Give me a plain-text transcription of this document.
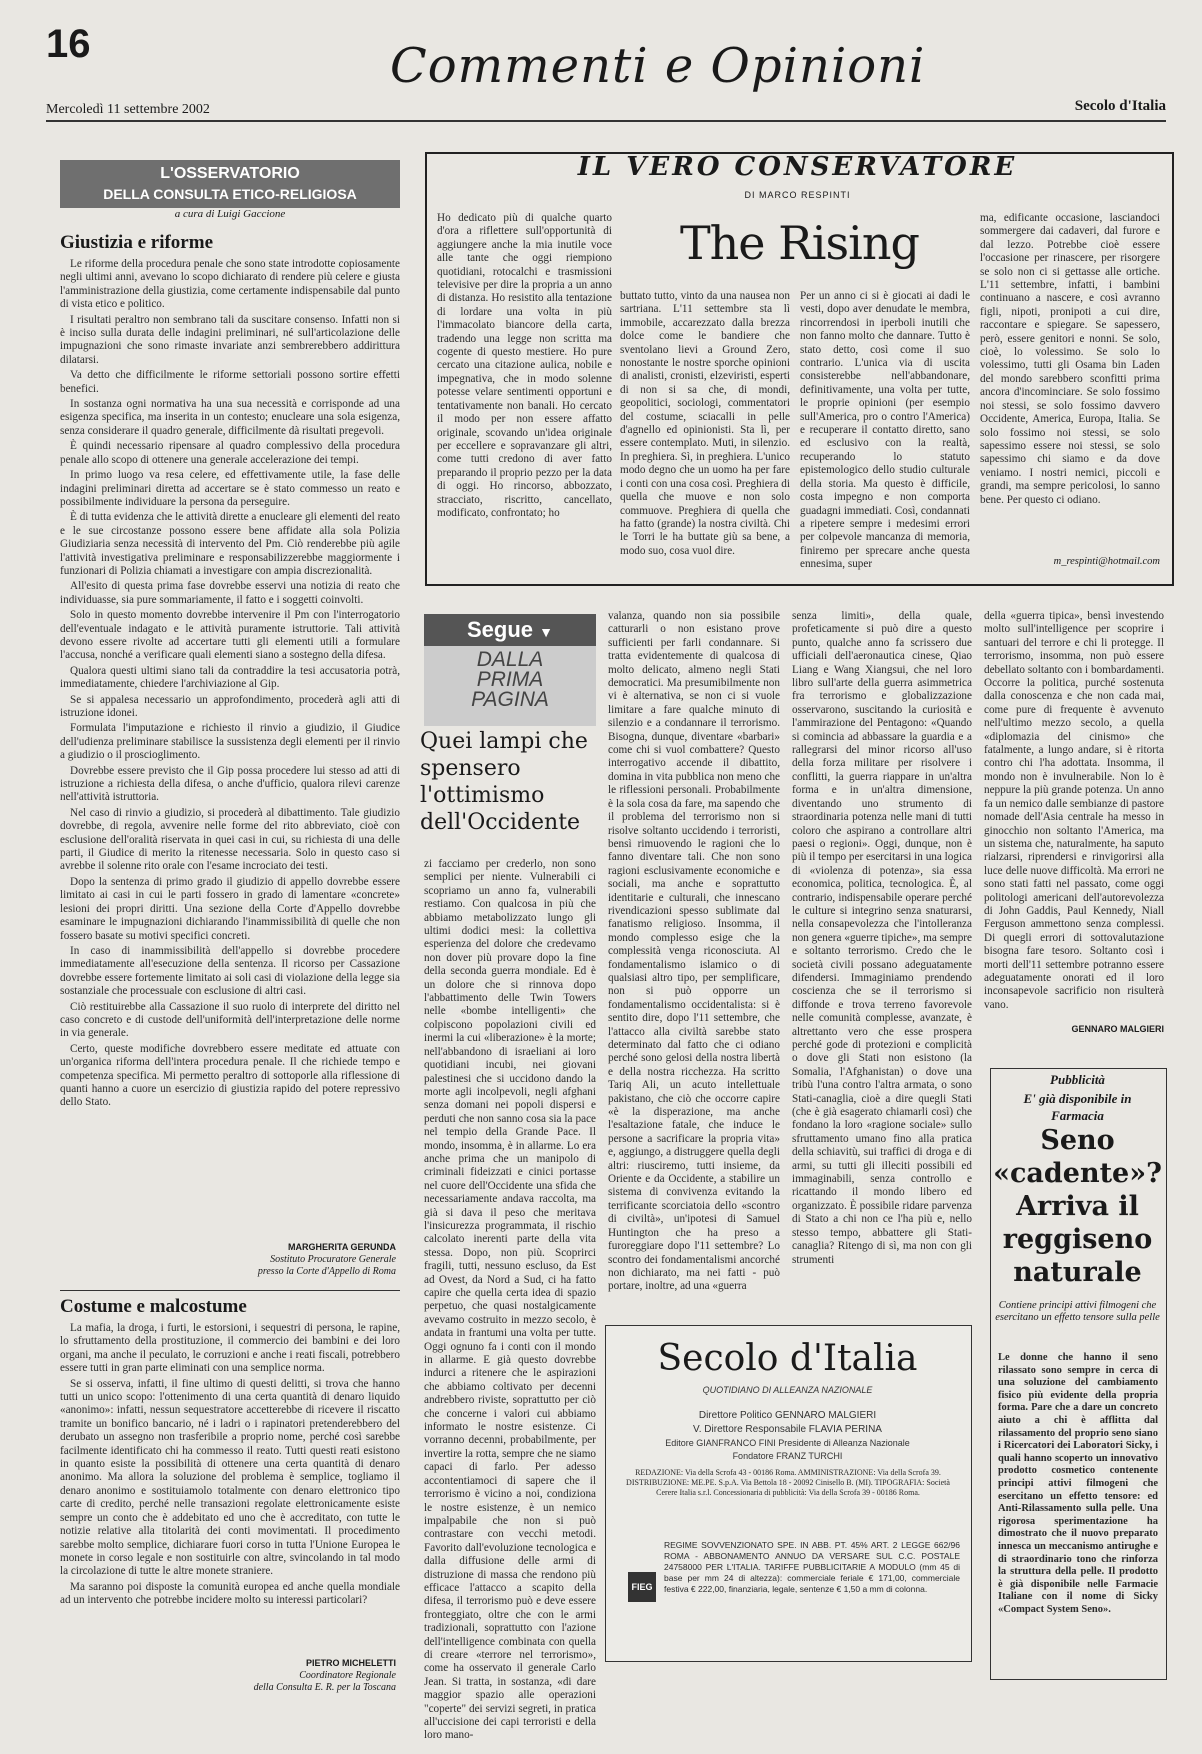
16	Commenti e Opinioni
Mercoledì 11 settembre 2002	Secolo d'Italia
L'OSSERVATORIO
DELLA CONSULTA ETICO-RELIGIOSA
a cura di Luigi Gaccione
Giustizia e riforme

Le riforme della procedura penale che sono state introdotte copiosamente negli ultimi anni, avevano lo scopo dichiarato di rendere più celere e giusta l'amministrazione della giustizia, come certamente indispensabile dal punto di vista etico e politico.

I risultati peraltro non sembrano tali da suscitare consenso. Infatti non si è inciso sulla durata delle indagini preliminari, né sull'articolazione delle impugnazioni che sono rimaste invariate anzi sembrerebbero addirittura dilatarsi.

Va detto che difficilmente le riforme settoriali possono sortire effetti benefici.

In sostanza ogni normativa ha una sua necessità e corrisponde ad una esigenza specifica, ma inserita in un contesto; enucleare una sola esigenza, senza considerare il quadro generale, difficilmente dà risultati pregevoli.

È quindi necessario ripensare al quadro complessivo della procedura penale allo scopo di ottenere una generale accelerazione dei tempi.

In primo luogo va resa celere, ed effettivamente utile, la fase delle indagini preliminari diretta ad accertare se è stato commesso un reato e possibilmente individuare la persona da perseguire.

È di tutta evidenza che le attività dirette a enucleare gli elementi del reato e le sue circostanze possono essere bene affidate alla sola Polizia Giudiziaria senza necessità di intervento del Pm. Ciò renderebbe più agile l'attività investigativa preliminare e responsabilizzerebbe maggiormente i funzionari di Polizia chiamati a investigare con ampia discrezionalità.

All'esito di questa prima fase dovrebbe esservi una notizia di reato che individuasse, sia pure sommariamente, il fatto e i soggetti coinvolti.

Solo in questo momento dovrebbe intervenire il Pm con l'interrogatorio dell'eventuale indagato e le attività puramente istruttorie. Tali attività devono essere rivolte ad accertare tutti gli elementi utili a formulare l'accusa, nonché a verificare quali elementi siano a sostegno della difesa.

Qualora questi ultimi siano tali da contraddire la tesi accusatoria potrà, immediatamente, chiedere l'archiviazione al Gip.

Se si appalesa necessario un approfondimento, procederà agli atti di istruzione idonei.

Formulata l'imputazione e richiesto il rinvio a giudizio, il Giudice dell'udienza preliminare stabilisce la sussistenza degli elementi per il rinvio a giudizio o il proscioglimento.

Dovrebbe essere previsto che il Gip possa procedere lui stesso ad atti di istruzione a richiesta della difesa, o anche d'ufficio, qualora rilevi carenze nell'attività istruttoria.

Nel caso di rinvio a giudizio, si procederà al dibattimento. Tale giudizio dovrebbe, di regola, avvenire nelle forme del rito abbreviato, cioè con esclusione dell'oralità riservata in quei casi in cui, su richiesta di una delle parti, il Giudice di merito la ritenesse necessaria. Solo in questo caso si avrebbe il solenne rito orale con l'esame incrociato dei testi.

Dopo la sentenza di primo grado il giudizio di appello dovrebbe essere limitato ai casi in cui le parti fossero in grado di lamentare «concrete» lesioni dei propri diritti. Una sezione della Corte d'Appello dovrebbe esaminare le impugnazioni dichiarando l'inammissibilità di quelle che non fossero basate su motivi specifici concreti.

In caso di inammissibilità dell'appello si dovrebbe procedere immediatamente all'esecuzione della sentenza. Il ricorso per Cassazione dovrebbe essere fortemente limitato ai soli casi di violazione della legge sia sostanziale che processuale con esclusione di altri casi.

Ciò restituirebbe alla Cassazione il suo ruolo di interprete del diritto nel caso concreto e di custode dell'uniformità dell'interpretazione delle norme in via generale.

Certo, queste modifiche dovrebbero essere meditate ed attuate con un'organica riforma dell'intera procedura penale. Il che richiede tempo e competenza specifica. Mi permetto peraltro di sottoporle alla riflessione di quanti hanno a cuore un esercizio di giustizia rapido del potere repressivo dello Stato.

MARGHERITA GERUNDA
Sostituto Procuratore Generale
presso la Corte d'Appello di Roma
Costume e malcostume

La mafia, la droga, i furti, le estorsioni, i sequestri di persona, le rapine, lo sfruttamento della prostituzione, il commercio dei bambini e dei loro organi, ma anche il peculato, le corruzioni e anche i reati fiscali, potrebbero essere tutti in gran parte eliminati con una semplice norma.

Se si osserva, infatti, il fine ultimo di questi delitti, si trova che hanno tutti un unico scopo: l'ottenimento di una certa quantità di denaro liquido «anonimo»: infatti, nessun sequestratore accetterebbe di ricevere il riscatto tramite un bonifico bancario, né i ladri o i rapinatori pretenderebbero del derubato un assegno non trasferibile a proprio nome, perché così sarebbe facilmente identificato chi ha commesso il reato. Tutti questi reati esistono in quanto esiste la possibilità di ottenere una certa quantità di denaro anonimo. Ma allora la soluzione del problema è semplice, togliamo il denaro anonimo e sostituiamolo totalmente con denaro elettronico tipo carte di credito, perché nelle transazioni regolate elettronicamente esiste sempre un conto che è addebitato ed uno che è accreditato, con tutte le notizie relative alla titolarità dei conti movimentati. Il procedimento sarebbe molto semplice, dichiarare fuori corso in tutta l'Unione Europea le monete in corso legale e non sostituirle con altre, svincolando in tal modo la circolazione di tutte le altre monete straniere.

Ma saranno poi disposte la comunità europea ed anche quella mondiale ad un intervento che potrebbe incidere molto su interessi particolari?

PIETRO MICHELETTI
Coordinatore Regionale
della Consulta E. R. per la Toscana
IL VERO CONSERVATORE
DI MARCO RESPINTI
The Rising
Ho dedicato più di qualche quarto d'ora a riflettere sull'opportunità di aggiungere anche la mia inutile voce alle tante che oggi riempiono quotidiani, rotocalchi e trasmissioni televisive per dire la propria a un anno di distanza. Ho resistito alla tentazione di lordare una volta in più l'immacolato biancore della carta, tradendo una legge non scritta ma cogente di questo mestiere. Ho pure cercato una citazione aulica, nobile e impegnativa, che in modo solenne potesse velare sentimenti opportuni e tentativamente non banali. Ho cercato il modo per non essere affatto originale, scovando un'idea originale per eccellere e sopravanzare gli altri, come tutti credono di aver fatto preparando il proprio pezzo per la data di oggi. Ho rincorso, abbozzato, stracciato, riscritto, cancellato, modificato, confrontato; ho
buttato tutto, vinto da una nausea non sartriana. L'11 settembre sta lì immobile, accarezzato dalla brezza dolce come le bandiere che sventolano lievi a Ground Zero, nonostante le nostre sporche opinioni di analisti, cronisti, elzeviristi, esperti di non si sa che, di mondi, geopolitici, sociologi, commentatori del costume, sciacalli in pelle d'agnello ed opinionisti. Sta lì, per essere contemplato. Muti, in silenzio. In preghiera. Sì, in preghiera. L'unico modo degno che un uomo ha per fare i conti con una cosa così. Preghiera di quella che muove e non solo commuove. Preghiera di quella che ha fatto (grande) la nostra civiltà. Chi le Torri le ha buttate giù sa bene, a modo suo, cosa vuol dire.
Per un anno ci si è giocati ai dadi le vesti, dopo aver denudate le membra, rincorrendosi in iperboli inutili che non fanno molto che dannare. Tutto è stato detto, così come il suo contrario. L'unica via di uscita consisterebbe nell'abbandonare, definitivamente, una volta per tutte, le proprie opinioni (per esempio sull'America, pro o contro l'America) e recuperare il contatto diretto, sano ed esclusivo con la realtà, recuperando lo statuto epistemologico dello studio culturale della storia. Ma questo è difficile, costa impegno e non comporta guadagni immediati. Così, condannati a ripetere sempre i medesimi errori per colpevole mancanza di memoria, finiremo per sprecare anche questa ennesima, super
ma, edificante occasione, lasciandoci sommergere dai cadaveri, dal furore e dal lezzo. Potrebbe cioè essere l'occasione per rinascere, per risorgere se solo non ci si gettasse alle ortiche. L'11 settembre, infatti, i bambini continuano a nascere, e così avranno figli, nipoti, pronipoti a cui dire, raccontare e spiegare. Se sapessero, però, essere genitori e nonni. Se solo, cioè, lo volessimo. Se solo lo volessimo, tutti gli Osama bin Laden del mondo sarebbero sconfitti prima ancora d'incominciare. Se solo fossimo noi stessi, se solo fossimo davvero Occidente, America, Europa, Italia. Se solo fossimo noi stessi, se solo sapessimo essere noi stessi, se solo sapessimo chi siamo e da dove veniamo. I nostri nemici, piccoli e grandi, ma sempre pericolosi, lo sanno bene. Per questo ci odiano.
m_respinti@hotmail.com
Segue ▼
DALLA
PRIMA
PAGINA
Quei lampi che spensero l'ottimismo dell'Occidente
zi facciamo per crederlo, non sono semplici per niente. Vulnerabili ci scopriamo un anno fa, vulnerabili restiamo. Con qualcosa in più che abbiamo metabolizzato lungo gli ultimi dodici mesi: la collettiva esperienza del dolore che credevamo non dover più provare dopo la fine della seconda guerra mondiale. Ed è un dolore che si rinnova dopo l'abbattimento delle Twin Towers nelle «bombe intelligenti» che colpiscono popolazioni civili ed inermi la cui «liberazione» è la morte; nell'abbandono di israeliani ai loro quotidiani incubi, nei giovani palestinesi che si uccidono dando la morte agli incolpevoli, negli afghani senza domani nei popoli dispersi e perduti che non sanno cosa sia la pace nel tempio della Grande Pace. Il mondo, insomma, è in allarme. Lo era anche prima che un manipolo di criminali fideizzati e cinici portasse nel cuore dell'Occidente una sfida che necessariamente andava raccolta, ma già si dava il peso che meritava l'insicurezza programmata, il rischio calcolato inerenti parte della vita stessa. Dopo, non più. Scoprirci fragili, tutti, nessuno escluso, da Est ad Ovest, da Nord a Sud, ci ha fatto capire che quella certa idea di spazio perpetuo, che quasi nostalgicamente avevamo costruito in mezzo secolo, è andata in frantumi una volta per tutte. Oggi ognuno fa i conti con il mondo in allarme. E già questo dovrebbe indurci a ritenere che le aspirazioni che abbiamo coltivato per decenni andrebbero riviste, soprattutto per ciò che concerne i valori cui abbiamo informato le nostre esistenze. Ci vorranno decenni, probabilmente, per invertire la rotta, sempre che ne siamo capaci di farlo. Per adesso accontentiamoci di sapere che il terrorismo è vicino a noi, condiziona le nostre esistenze, è un nemico impalpabile che non si può contrastare con vecchi metodi. Favorito dall'evoluzione tecnologica e dalla diffusione delle armi di distruzione di massa che rendono più efficace l'attacco a scapito della difesa, il terrorismo può e deve essere fronteggiato, oltre che con le armi tradizionali, soprattutto con l'azione dell'intelligence combinata con quella di creare «terrore nel terrorismo», come ha osservato il generale Carlo Jean. Si tratta, in sostanza, «di dare maggior spazio alle operazioni "coperte" dei servizi segreti, in pratica all'uccisione dei capi terroristi e della loro mano-
valanza, quando non sia possibile catturarli o non esistano prove sufficienti per farli condannare. Si tratta evidentemente di qualcosa di molto delicato, almeno negli Stati democratici. Ma presumibilmente non vi è alternativa, se non ci si vuole limitare a fare qualche minuto di silenzio e a condannare il terrorismo. Bisogna, dunque, diventare «barbari» come chi si vuol combattere? Questo interrogativo accende il dibattito, domina in vita pubblica non meno che le riflessioni personali. Probabilmente è la sola cosa da fare, ma sapendo che il problema del terrorismo non si risolve soltanto uccidendo i terroristi, bensì rimuovendo le ragioni che lo fanno diventare tali. Che non sono ragioni esclusivamente economiche e sociali, ma anche e soprattutto identitarie e culturali, che innescano rivendicazioni spesso sublimate dal fanatismo religioso. Insomma, il mondo complesso esige che la complessità venga riconosciuta. Al fondamentalismo islamico o di qualsiasi altro tipo, per semplificare, non si può opporre un fondamentalismo occidentalista: si è sentito dire, dopo l'11 settembre, che l'attacco alla civiltà sarebbe stato determinato dal fatto che ci odiano perché sono gelosi della nostra libertà e della nostra ricchezza. Ha scritto Tariq Ali, un acuto intellettuale pakistano, che ciò che occorre capire «è la disperazione, ma anche l'esaltazione fatale, che induce le persone a sacrificare la propria vita» e, aggiungo, a distruggere quella degli altri: riusciremo, tutti insieme, da Oriente e da Occidente, a stabilire un sistema di convivenza evitando la terrificante scorciatoia dello «scontro di civiltà», un'ipotesi di Samuel Huntington che ha preso a furoreggiare dopo l'11 settembre? Lo scontro dei fondamentalismi ancorché non dichiarato, ma nei fatti - può portare, inoltre, ad una «guerra
senza limiti», della quale, profeticamente si può dire a questo punto, qualche anno fa scrissero due ufficiali dell'aeronautica cinese, Qiao Liang e Wang Xiangsui, che nel loro libro sull'arte della guerra asimmetrica fra terrorismo e globalizzazione osservarono, suscitando la curiosità e l'ammirazione del Pentagono: «Quando si comincia ad abbassare la guardia e a rallegrarsi del minor ricorso all'uso della forza militare per risolvere i conflitti, la guerra riappare in un'altra forma e in un'altra dimensione, diventando uno strumento di straordinaria potenza nelle mani di tutti coloro che aspirano a controllare altri paesi o regioni». Oggi, dunque, non è più il tempo per esercitarsi in una logica di «violenza di potenza», sia essa economica, politica, tecnologica. È, al contrario, indispensabile operare perché le culture si integrino senza snaturarsi, nella consapevolezza che l'intolleranza non genera «guerre tipiche», ma sempre e soltanto terrorismo. Credo che le società civili possano adeguatamente difendersi. Immaginiamo prendendo coscienza che se il terrorismo si diffonde e trova terreno favorevole nelle comunità complesse, avanzate, è altrettanto vero che esse prospera perché gode di protezioni e complicità o dove gli Stati non esistono (la Somalia, l'Afghanistan) o dove una tribù l'una contro l'altra armata, o sono Stati-canaglia, cioè a dire quegli Stati (che è già esagerato chiamarli così) che fondano la loro «ragione sociale» sullo sfruttamento umano fino alla pratica della schiavitù, sui traffici di droga e di armi, su tutti gli illeciti possibili ed immaginabili, senza controllo e ricattando il mondo libero ed organizzato. È possibile ridare parvenza di Stato a chi non ce l'ha più e, nello stesso tempo, abbattere gli Stati-canaglia? Ritengo di sì, ma non con gli strumenti
della «guerra tipica», bensì investendo molto sull'intelligence per scoprire i santuari del terrore e chi li protegge. Il terrorismo, insomma, non può essere debellato soltanto con i bombardamenti. Occorre la politica, purché sostenuta dalla conoscenza e che non cada mai, come pure di frequente è avvenuto nell'ultimo mezzo secolo, a quella «diplomazia del cinismo» che fatalmente, a lungo andare, si è ritorta contro chi l'ha adottata. Insomma, il mondo non è invulnerabile. Non lo è neppure la più grande potenza. Un anno fa un nemico dalle sembianze di pastore nomade dell'Asia centrale ha messo in ginocchio non soltanto l'America, ma un sistema che, naturalmente, ha saputo rialzarsi, riprendersi e rinvigorirsi alla luce delle nuove difficoltà. Ma errori ne sono stati fatti nel passato, come oggi politologi americani dell'autorevolezza di John Gaddis, Paul Kennedy, Niall Ferguson ammettono senza complessi. Di quegli errori di sottovalutazione bisogna fare tesoro. Soltanto così i morti dell'11 settembre potranno essere adeguatamente onorati ed il loro inconsapevole sacrificio non risulterà vano.
GENNARO MALGIERI
Secolo d'Italia
QUOTIDIANO DI ALLEANZA NAZIONALE
Direttore Politico GENNARO MALGIERI
V. Direttore Responsabile FLAVIA PERINA
Editore GIANFRANCO FINI Presidente di Alleanza Nazionale
Fondatore FRANZ TURCHI
REDAZIONE: Via della Scrofa 43 - 00186 Roma. AMMINISTRAZIONE: Via della Scrofa 39. DISTRIBUZIONE: ME.PE. S.p.A. Via Bettola 18 - 20092 Cinisello B. (MI). TIPOGRAFIA: Società Cerere Italia s.r.l. Concessionaria di pubblicità: Via della Scrofa 39 - 00186 Roma.
FIEG
REGIME SOVVENZIONATO SPE. IN ABB. PT. 45% ART. 2 LEGGE 662/96 ROMA - ABBONAMENTO ANNUO DA VERSARE SUL C.C. POSTALE 24758000 PER L'ITALIA. TARIFFE PUBBLICITARIE A MODULO (mm 45 di base per mm 24 di altezza): commerciale feriale € 171,00, commerciale festiva € 222,00, finanziaria, legale, sentenze € 1,50 a mm di colonna.
Pubblicità
E' già disponibile in Farmacia
Seno
«cadente»?
Arriva il
reggiseno
naturale
Contiene principi attivi filmogeni che esercitano un effetto tensore sulla pelle
Le donne che hanno il seno rilassato sono sempre in cerca di una soluzione del cambiamento fisico più evidente della propria forma. Pare che a dare un concreto aiuto a chi è afflitta dal rilassamento del proprio seno siano i Ricercatori dei Laboratori Sicky, i quali hanno scoperto un innovativo prodotto cosmetico contenente principi attivi filmogeni che esercitano un effetto tensore: ed Anti-Rilassamento sulla pelle. Una rigorosa sperimentazione ha dimostrato che il nuovo preparato innesca un meccanismo antirughe e di straordinario tono che rinforza la struttura della pelle. Il prodotto è già disponibile nelle Farmacie Italiane con il nome di Sicky «Compact System Seno».
